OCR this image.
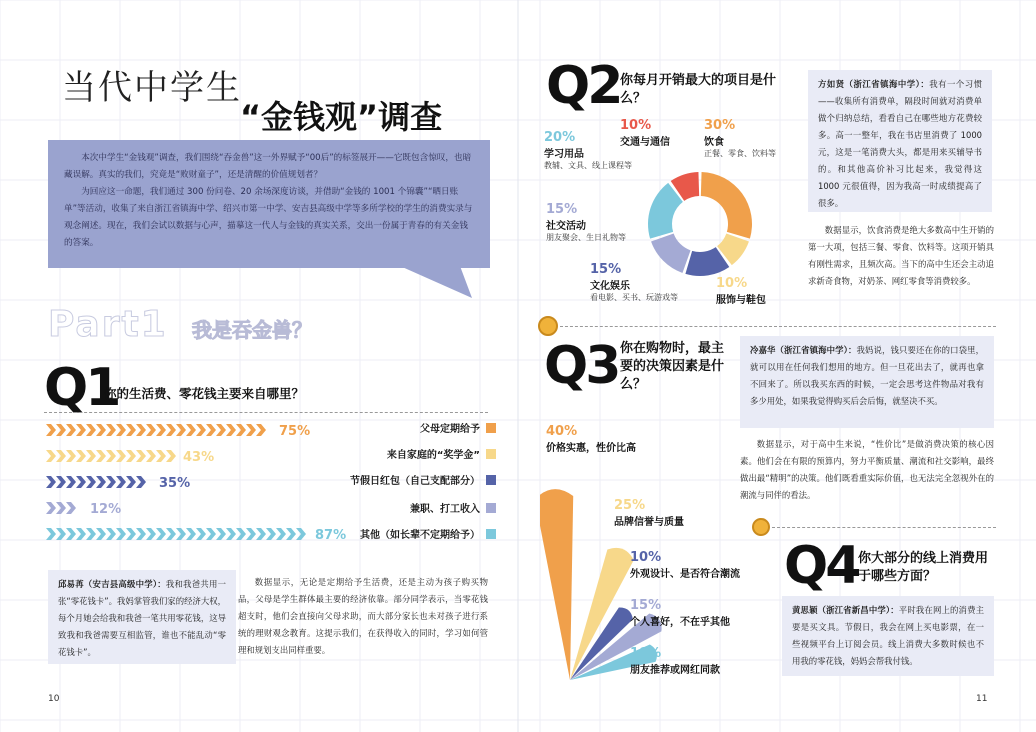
当代中学生
“金钱观”调查

本次中学生“金钱观”调查，我们围绕“吞金兽”这一外界赋予“00后”的标签展开——它既包含惊叹，也暗藏误解。真实的我们，究竟是“败财童子”，还是清醒的价值规划者？

为回应这一命题，我们通过 300 份问卷、20 余场深度访谈，并借助“金钱的 1001 个锦囊”“晒日账单”等活动，收集了来自浙江省镇海中学、绍兴市第一中学、安吉县高级中学等多所学校的学生的消费实录与观念阐述。现在，我们会试以数据与心声，描摹这一代人与金钱的真实关系，交出一份属于青春的有关金钱的答案。

Part1 我是吞金兽？
Q1
你的生活费、零花钱主要来自哪里？
75%
43%
35%
12%
87%
父母定期给予
来自家庭的“奖学金”
节假日红包（自己支配部分）
兼职、打工收入
其他（如长辈不定期给予）
邱易苒（安吉县高级中学）：我和我爸共用一张“零花钱卡”。我妈掌管我们家的经济大权，每个月她会给我和我爸一笔共用零花钱，这导致我和我爸需要互相监管，谁也不能乱动“零花钱卡”。

数据显示，无论是定期给予生活费，还是主动为孩子购买物品，父母是学生群体最主要的经济依靠。部分同学表示，当零花钱超支时，他们会直接向父母求助，而大部分家长也未对孩子进行系统的理财观念教育。这提示我们，在获得收入的同时，学习如何管理和规划支出同样重要。

Q2 你每月开销最大的项目是什么？
20%
学习用品
教辅、文具、线上课程等
10%
交通与通信
30%
饮食
正餐、零食、饮料等
15%
社交活动
朋友聚会、生日礼物等
15%
文化娱乐
看电影、买书、玩游戏等
10%
服饰与鞋包
方如贤（浙江省镇海中学）：我有一个习惯——收集所有消费单，隔段时间就对消费单做个归纳总结，看看自己在哪些地方花费较多。高一一整年，我在书店里消费了 1000 元，这是一笔消费大头，都是用来买辅导书的。和其他高价补习比起来，我觉得这 1000 元很值得，因为我高一时成绩提高了很多。

数据显示，饮食消费是绝大多数高中生开销的第一大项，包括三餐、零食、饮料等。这项开销具有刚性需求，且频次高。当下的高中生还会主动追求新奇食物，对奶茶、网红零食等消费较多。

Q3 你在购物时，最主要的决策因素是什么？
40%
价格实惠，性价比高
25%
品牌信誉与质量
10%
外观设计、是否符合潮流
15%
个人喜好，不在乎其他
10%
朋友推荐或网红同款
冷嘉华（浙江省镇海中学）：我妈说，钱只要还在你的口袋里，就可以用在任何我们想用的地方。但一旦花出去了，就再也拿不回来了。所以我买东西的时候，一定会思考这件物品对我有多少用处，如果我觉得购买后会后悔，就坚决不买。

数据显示，对于高中生来说，“性价比”是做消费决策的核心因素。他们会在有限的预算内，努力平衡质量、潮流和社交影响，最终做出最“精明”的决策。他们既看重实际价值，也无法完全忽视外在的潮流与同伴的看法。

Q4 你大部分的线上消费用于哪些方面？
黄思颖（浙江省新昌中学）：平时我在网上的消费主要是买文具。节假日，我会在网上买电影票，在一些视频平台上订阅会员。线上消费大多数时候也不用我的零花钱，妈妈会帮我付钱。
10	11
